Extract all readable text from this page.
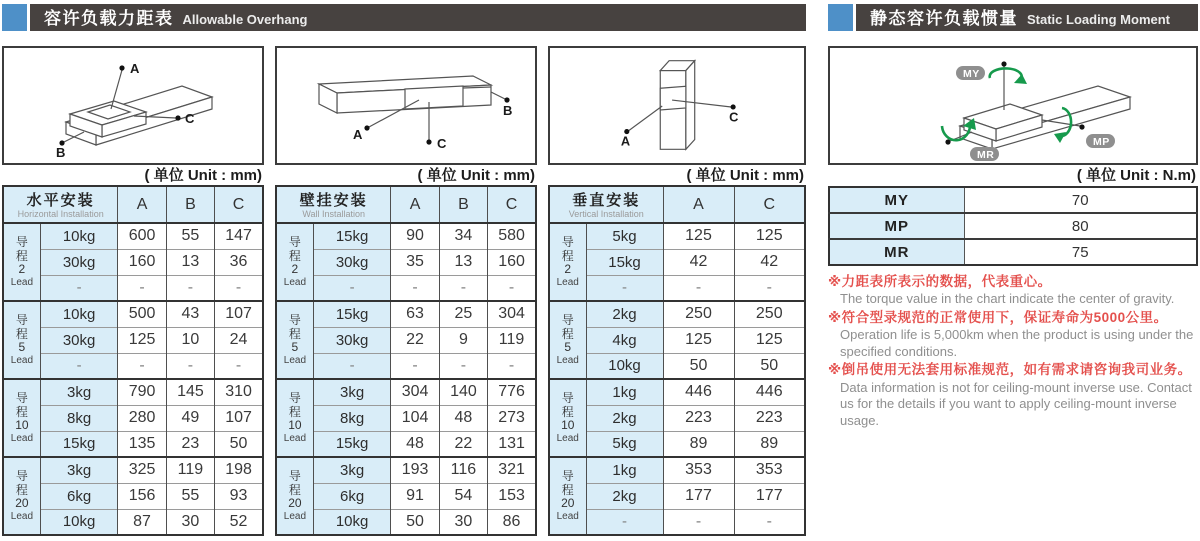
容许负载力距表 Allowable Overhang
A
B
C
( 单位 Unit : mm)
水平安装
Horizontal Installation		A	B	C

导
程
2
Lead	10kg	600	55	147
	30kg	160	13	36
	-	-	-	-

导
程
5
Lead	10kg	500	43	107
	30kg	125	10	24
	-	-	-	-

导
程
10
Lead	3kg	790	145	310
	8kg	280	49	107
	15kg	135	23	50

导
程
20
Lead	3kg	325	119	198
	6kg	156	55	93
	10kg	87	30	52
B
A
C
( 单位 Unit : mm)
壁挂安装
Wall Installation		A	B	C

导
程
2
Lead	15kg	90	34	580
	30kg	35	13	160
	-	-	-	-

导
程
5
Lead	15kg	63	25	304
	30kg	22	9	119
	-	-	-	-

导
程
10
Lead	3kg	304	140	776
	8kg	104	48	273
	15kg	48	22	131

导
程
20
Lead	3kg	193	116	321
	6kg	91	54	153
	10kg	50	30	86
A
C
( 单位 Unit : mm)
垂直安装
Vertical Installation		A	C

导
程
2
Lead	5kg	125	125
	15kg	42	42
	-	-	-

导
程
5
Lead	2kg	250	250
	4kg	125	125
	10kg	50	50

导
程
10
Lead	1kg	446	446
	2kg	223	223
	5kg	89	89

导
程
20
Lead	1kg	353	353
	2kg	177	177
	-	-	-
静态容许负载惯量 Static Loading Moment
MY
MP
MR
( 单位 Unit : N.m)
MY	70
MP	80
MR	75
※力距表所表示的数据，代表重心。
The torque value in the chart indicate the center of gravity.
※符合型录规范的正常使用下，保证寿命为5000公里。
Operation life is 5,000km when the product is using under the specified conditions.
※倒吊使用无法套用标准规范，如有需求请咨询我司业务。
Data information is not for ceiling-mount inverse use. Contact us for the details if you want to apply ceiling-mount inverse usage.
